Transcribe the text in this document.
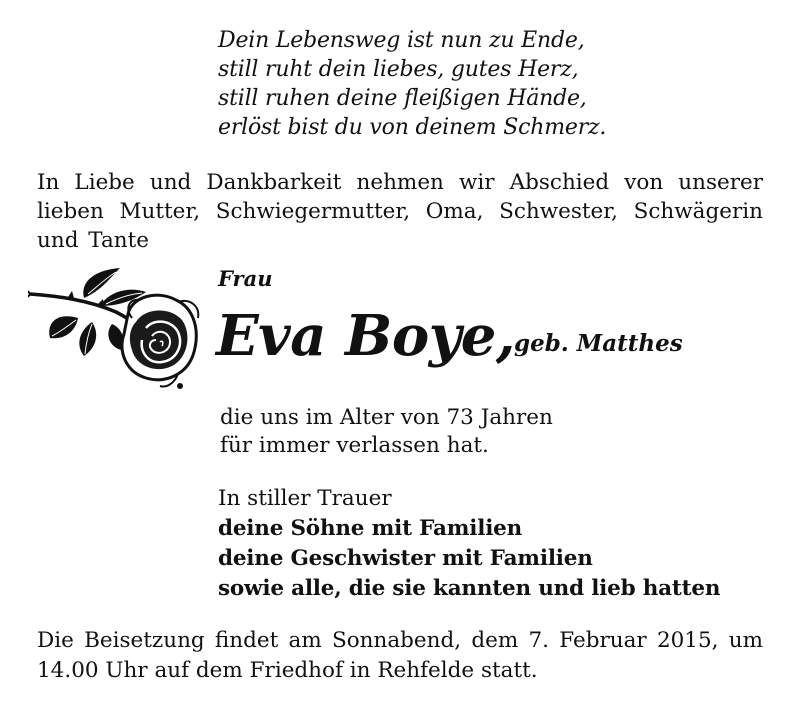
Dein Lebensweg ist nun zu Ende,
still ruht dein liebes, gutes Herz,
still ruhen deine fleißigen Hände,
erlöst bist du von deinem Schmerz.
In Liebe und Dankbarkeit nehmen wir Abschied von unserer
lieben Mutter, Schwiegermutter, Oma, Schwester, Schwägerin
und Tante
Frau
Eva Boye, geb. Matthes
die uns im Alter von 73 Jahren
für immer verlassen hat.
In stiller Trauer
deine Söhne mit Familien
deine Geschwister mit Familien
sowie alle, die sie kannten und lieb hatten
Die Beisetzung findet am Sonnabend, dem 7. Februar 2015, um
14.00 Uhr auf dem Friedhof in Rehfelde statt.
